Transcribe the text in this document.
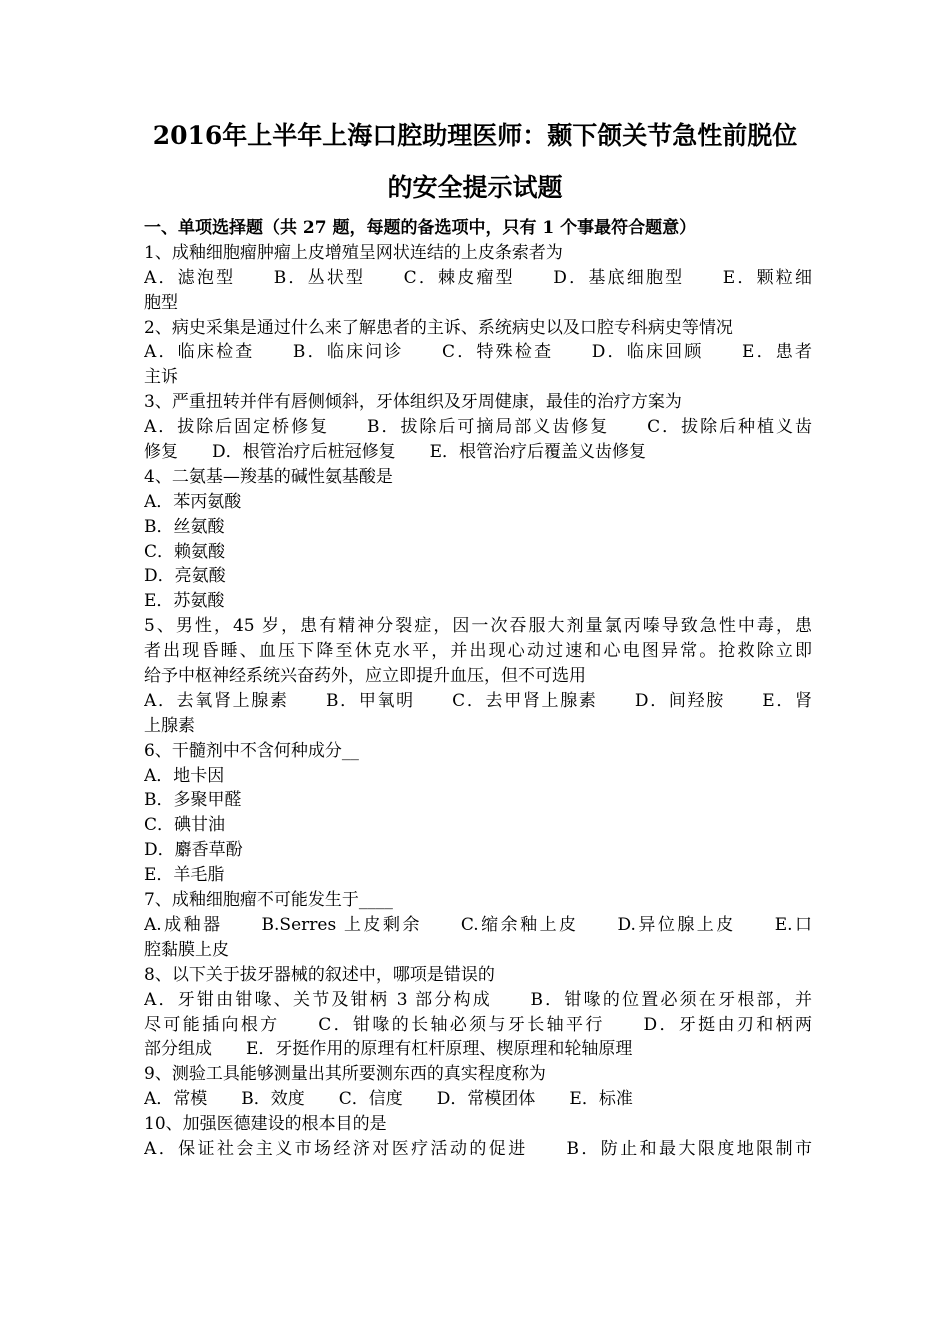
2016年上半年上海口腔助理医师：颞下颌关节急性前脱位
的安全提示试题
一、单项选择题（共 27 题，每题的备选项中，只有 1 个事最符合题意）
1、成釉细胞瘤肿瘤上皮增殖呈网状连结的上皮条索者为
A．滤泡型　　B．丛状型　　C．棘皮瘤型　　D．基底细胞型　　E．颗粒细
胞型
2、病史采集是通过什么来了解患者的主诉、系统病史以及口腔专科病史等情况
A．临床检查　　B．临床问诊　　C．特殊检查　　D．临床回顾　　E．患者
主诉
3、严重扭转并伴有唇侧倾斜，牙体组织及牙周健康，最佳的治疗方案为
A．拔除后固定桥修复　　B．拔除后可摘局部义齿修复　　C．拔除后种植义齿
修复　　D．根管治疗后桩冠修复　　E．根管治疗后覆盖义齿修复
4、二氨基—羧基的碱性氨基酸是
A．苯丙氨酸
B．丝氨酸
C．赖氨酸
D．亮氨酸
E．苏氨酸
5、男性，45 岁，患有精神分裂症，因一次吞服大剂量氯丙嗪导致急性中毒，患
者出现昏睡、血压下降至休克水平，并出现心动过速和心电图异常。抢救除立即
给予中枢神经系统兴奋药外，应立即提升血压，但不可选用
A．去氧肾上腺素　　B．甲氧明　　C．去甲肾上腺素　　D．间羟胺　　E．肾
上腺素
6、干髓剂中不含何种成分__
A．地卡因
B．多聚甲醛
C．碘甘油
D．麝香草酚
E．羊毛脂
7、成釉细胞瘤不可能发生于____
A.成釉器　　B.Serres 上皮剩余　　C.缩余釉上皮　　D.异位腺上皮　　E.口
腔黏膜上皮
8、以下关于拔牙器械的叙述中，哪项是错误的
A．牙钳由钳喙、关节及钳柄 3 部分构成　　B．钳喙的位置必须在牙根部，并
尽可能插向根方　　C．钳喙的长轴必须与牙长轴平行　　D．牙挺由刃和柄两
部分组成　　E．牙挺作用的原理有杠杆原理、楔原理和轮轴原理
9、测验工具能够测量出其所要测东西的真实程度称为
A．常模　　B．效度　　C．信度　　D．常模团体　　E．标准
10、加强医德建设的根本目的是
A．保证社会主义市场经济对医疗活动的促进　　B．防止和最大限度地限制市
